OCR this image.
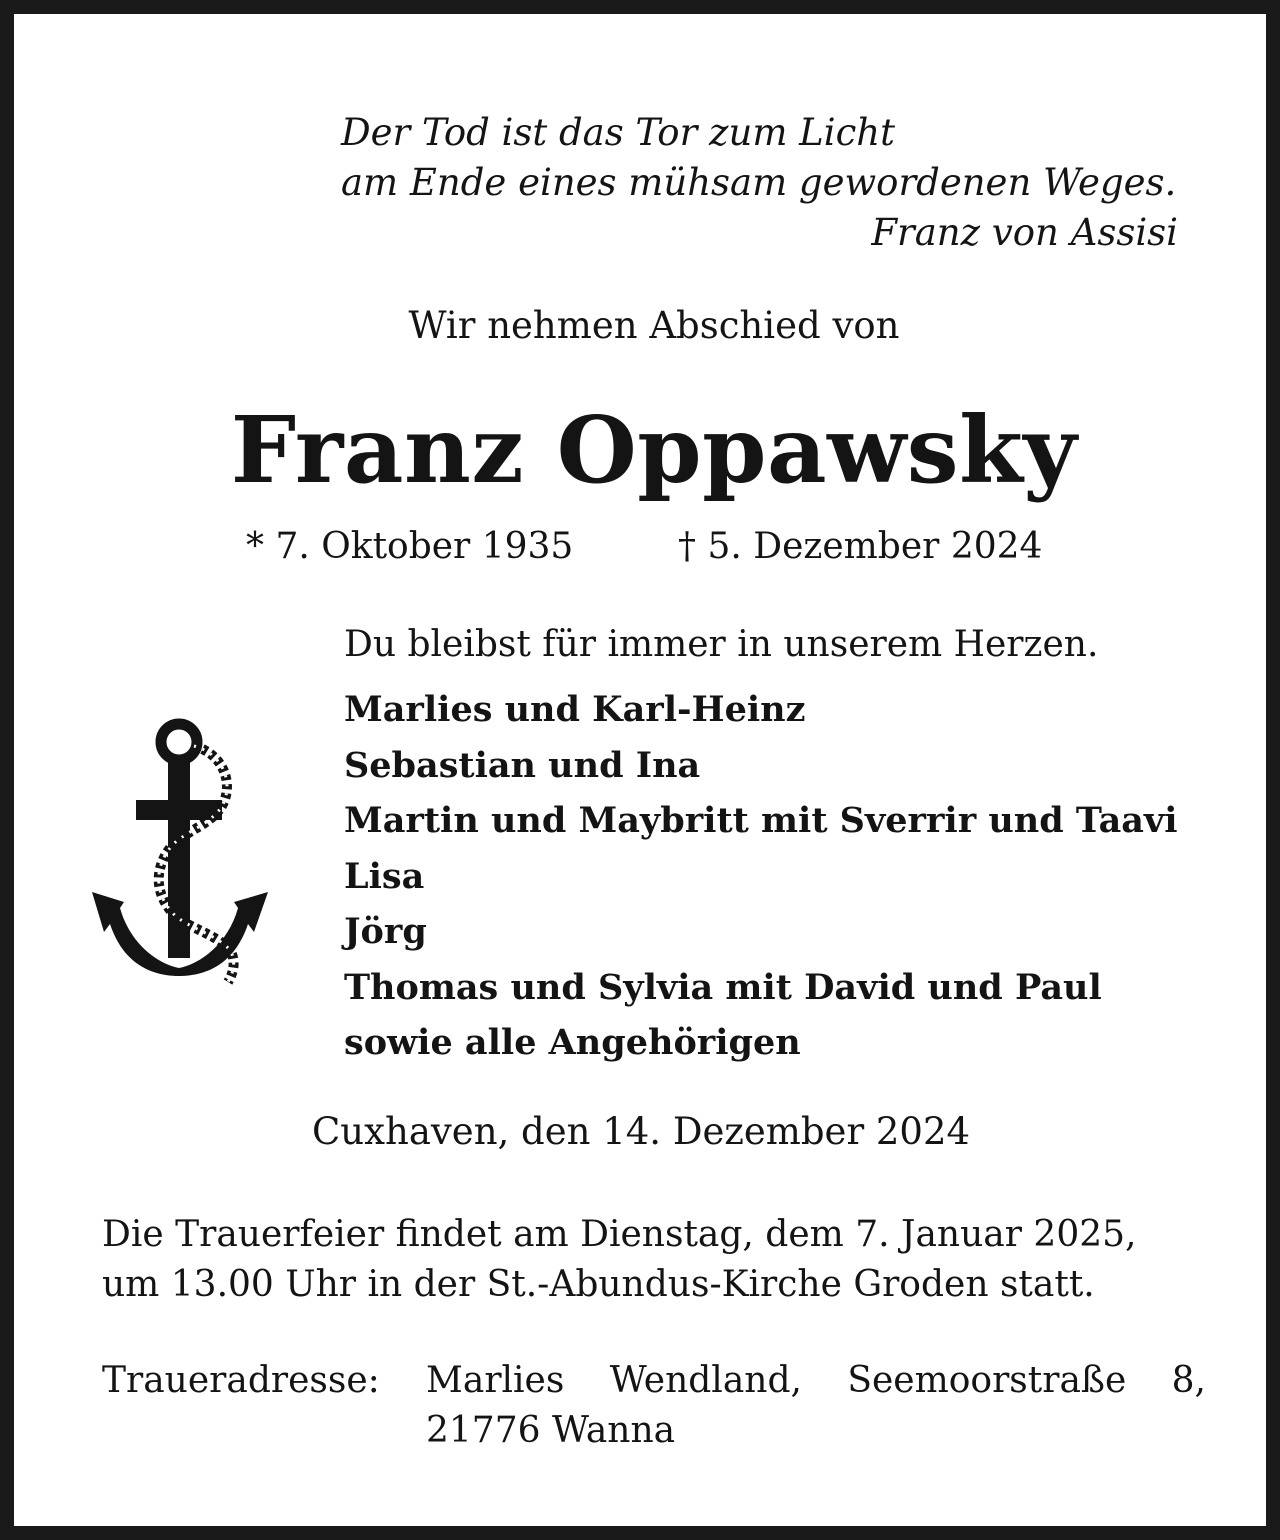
Der Tod ist das Tor zum Licht
am Ende eines mühsam gewordenen Weges.
Franz von Assisi
Wir nehmen Abschied von
Franz Oppawsky
* 7. Oktober 1935	† 5. Dezember 2024
Du bleibst für immer in unserem Herzen.
Marlies und Karl-Heinz
Sebastian und Ina
Martin und Maybritt mit Sverrir und Taavi
Lisa
Jörg
Thomas und Sylvia mit David und Paul
sowie alle Angehörigen
Cuxhaven, den 14. Dezember 2024
Die Trauerfeier findet am Dienstag, dem 7. Januar 2025,
um 13.00 Uhr in der St.-Abundus-Kirche Groden statt.
Traueradresse: Marlies Wendland, Seemoorstraße 8,
21776 Wanna
